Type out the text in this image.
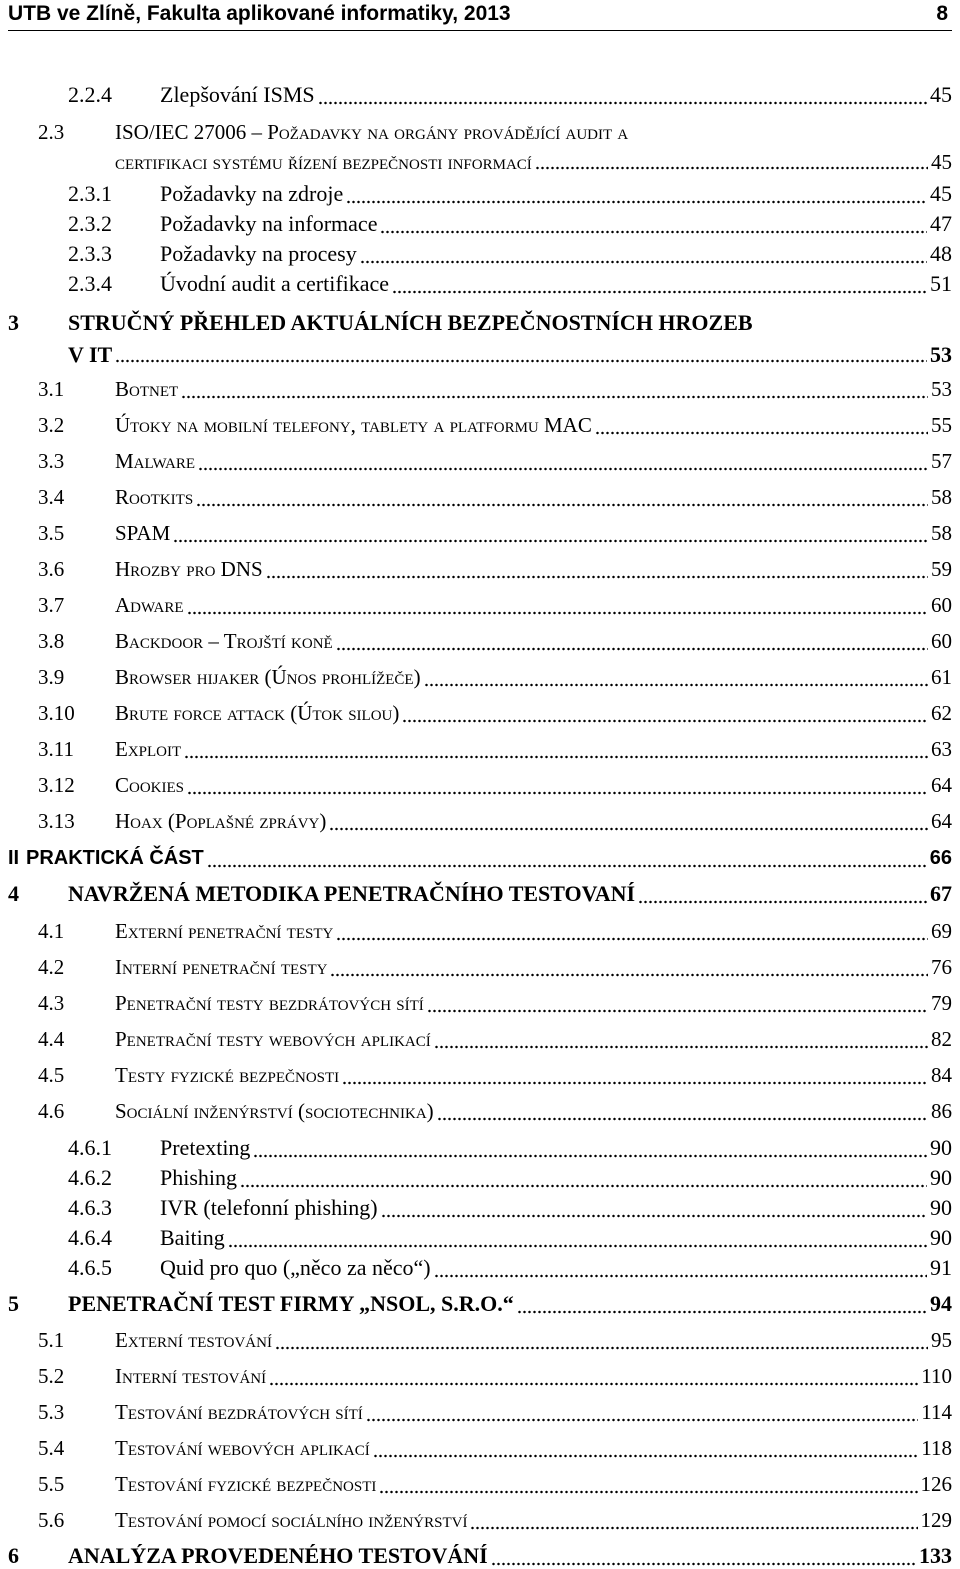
UTB ve Zlíně, Fakulta aplikované informatiky, 2013	8
2.2.4 Zlepšování ISMS	45
2.3 ISO/IEC 27006 – Požadavky na orgány provádějící audit a
certifikaci systému řízení bezpečnosti informací	45
2.3.1 Požadavky na zdroje	45
2.3.2 Požadavky na informace	47
2.3.3 Požadavky na procesy	48
2.3.4 Úvodní audit a certifikace	51
3 STRUČNÝ PŘEHLED AKTUÁLNÍCH BEZPEČNOSTNÍCH HROZEB
V IT	53
3.1 Botnet	53
3.2 Útoky na mobilní telefony, tablety a platformu MAC	55
3.3 Malware	57
3.4 Rootkits	58
3.5 SPAM	58
3.6 Hrozby pro DNS	59
3.7 Adware	60
3.8 Backdoor – Trojští koně	60
3.9 Browser hijaker (Únos prohlížeče)	61
3.10 Brute force attack (Útok silou)	62
3.11 Exploit	63
3.12 Cookies	64
3.13 Hoax (Poplašné zprávy)	64
II PRAKTICKÁ ČÁST	66
4 NAVRŽENÁ METODIKA PENETRAČNÍHO TESTOVANÍ	67
4.1 Externí penetrační testy	69
4.2 Interní penetrační testy	76
4.3 Penetrační testy bezdrátových sítí	79
4.4 Penetrační testy webových aplikací	82
4.5 Testy fyzické bezpečnosti	84
4.6 Sociální inženýrství (sociotechnika)	86
4.6.1 Pretexting	90
4.6.2 Phishing	90
4.6.3 IVR (telefonní phishing)	90
4.6.4 Baiting	90
4.6.5 Quid pro quo („něco za něco“)	91
5 PENETRAČNÍ TEST FIRMY „NSOL, S.R.O.“	94
5.1 Externí testování	95
5.2 Interní testování	110
5.3 Testování bezdrátových sítí	114
5.4 Testování webových aplikací	118
5.5 Testování fyzické bezpečnosti	126
5.6 Testování pomocí sociálního inženýrství	129
6 ANALÝZA PROVEDENÉHO TESTOVÁNÍ	133
